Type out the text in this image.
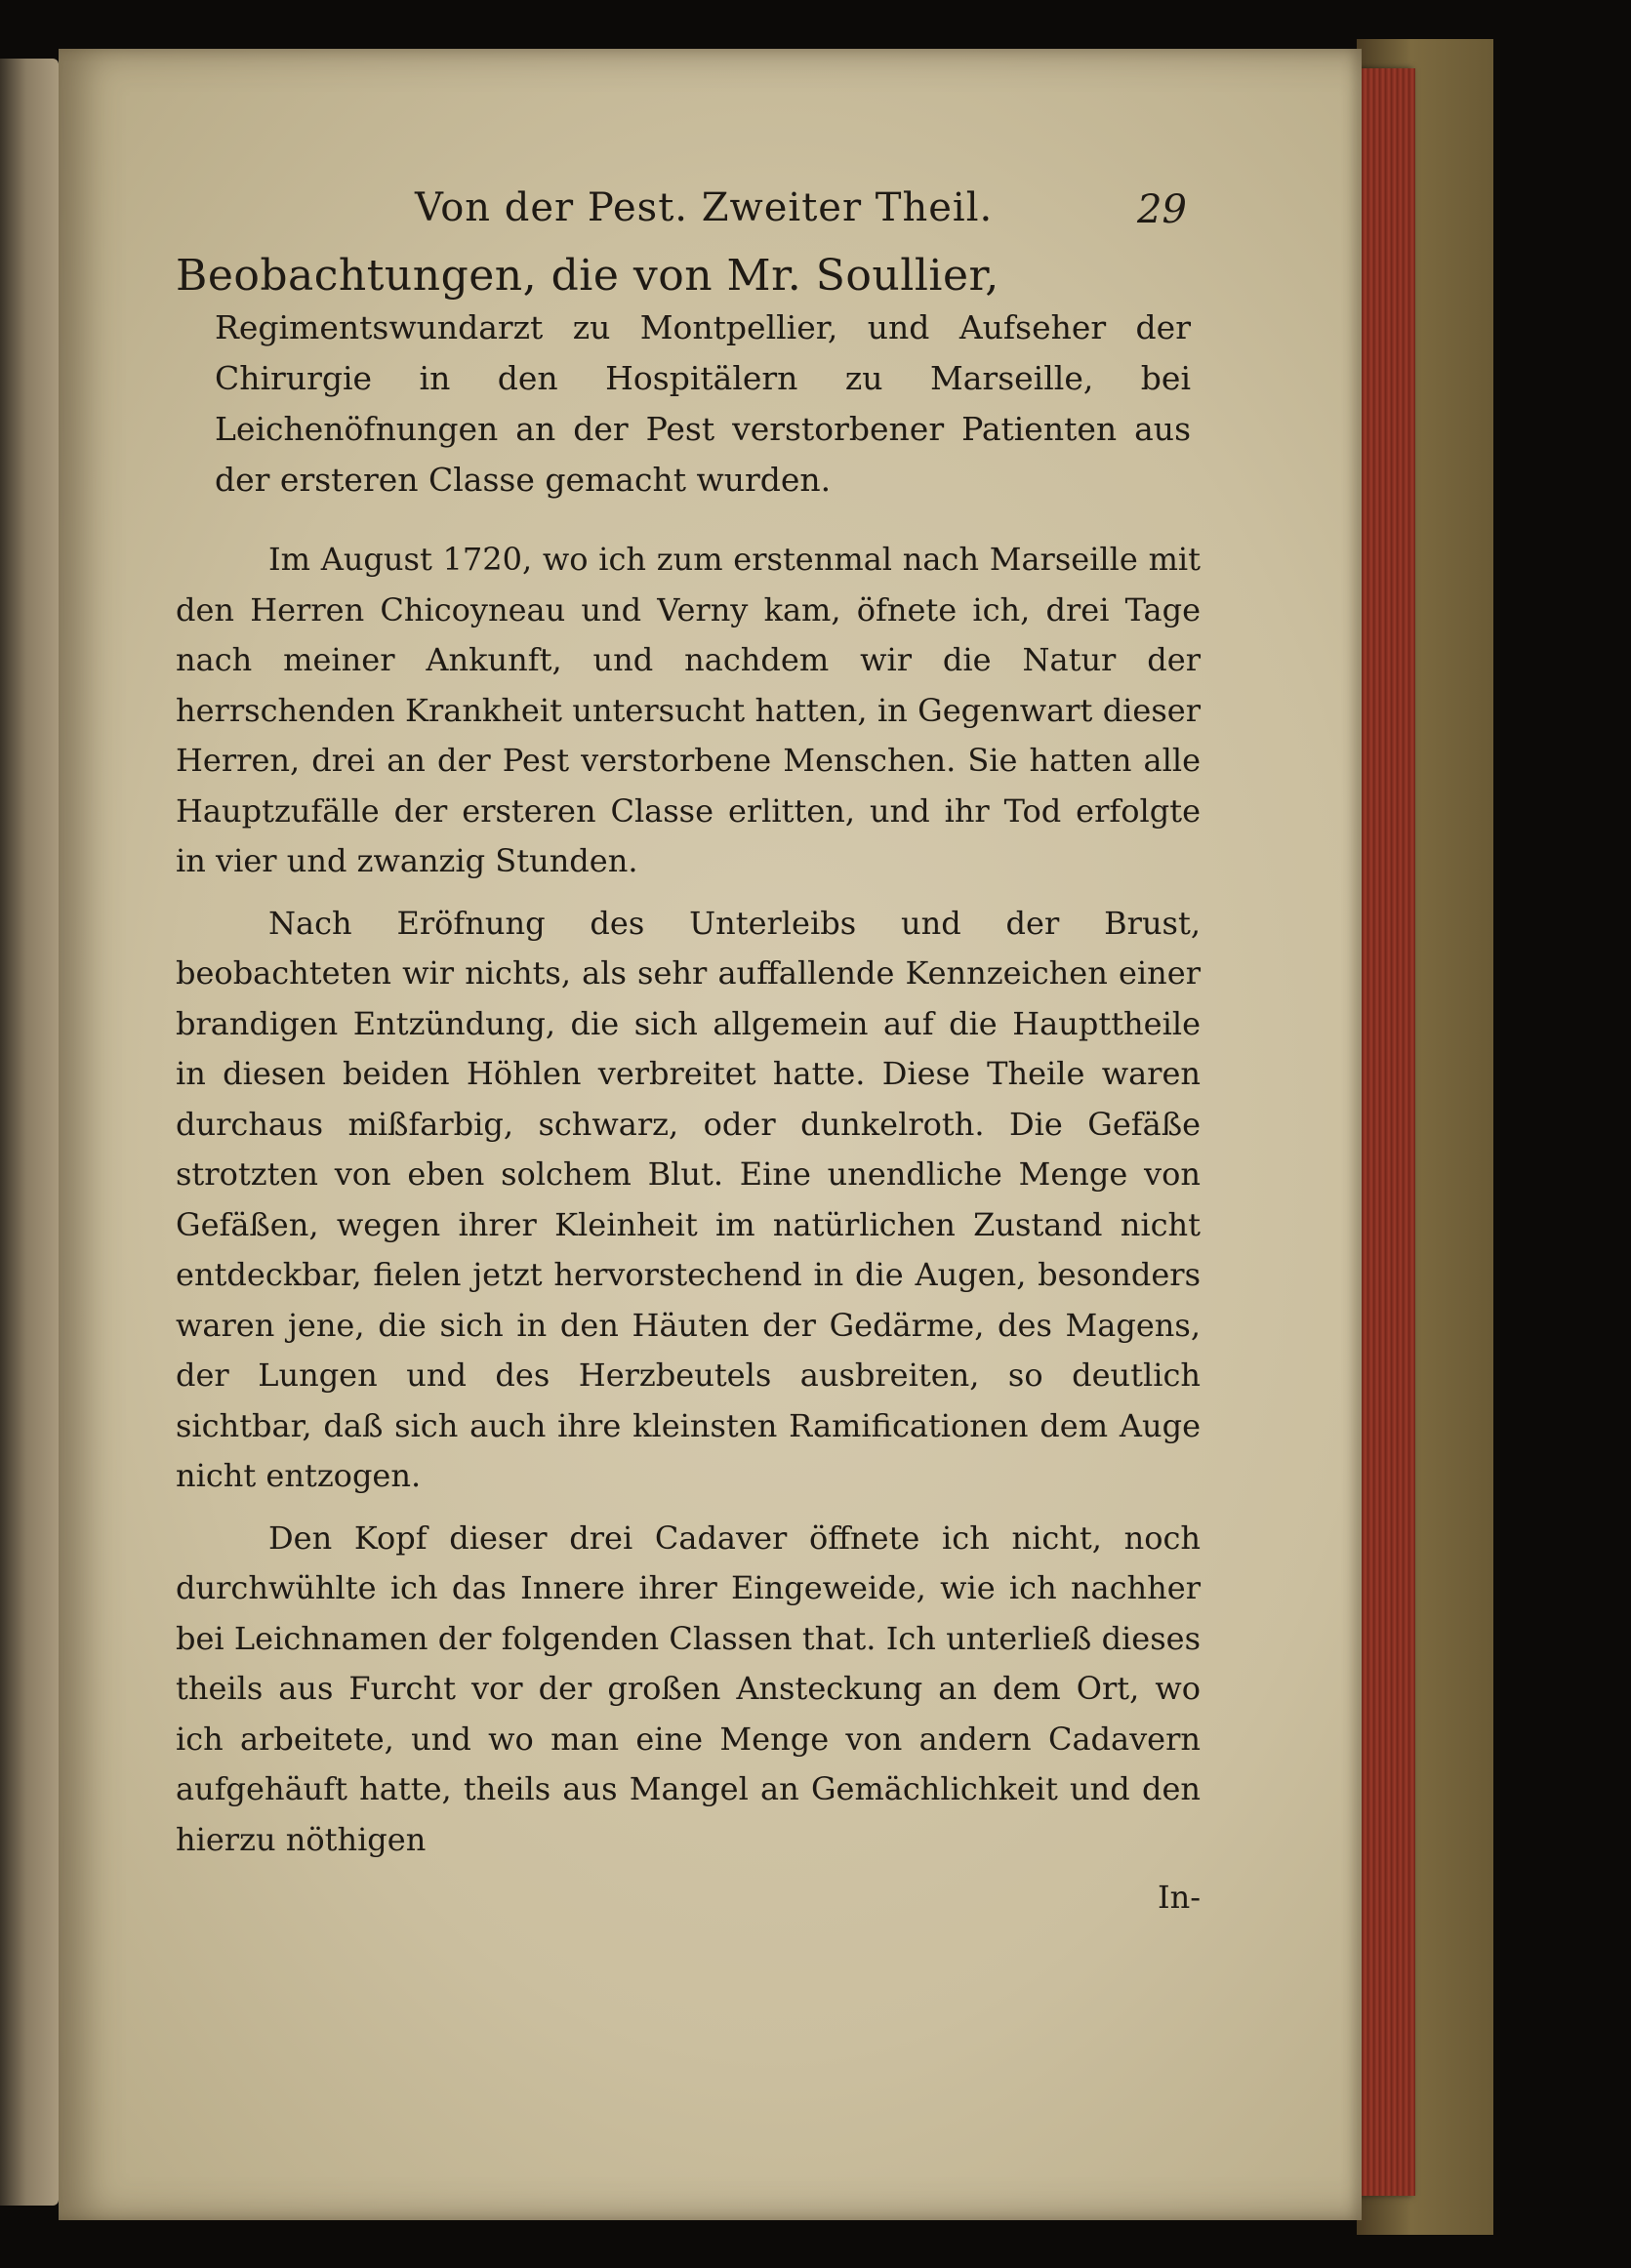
Von der Pest. Zweiter Theil.	29
Beobachtungen, die von Mr. Soullier,
Regimentswundarzt zu Montpellier, und Aufseher der Chirurgie in den Hospitälern zu Marseille, bei Leichenöfnungen an der Pest verstorbener Patienten aus der ersteren Classe gemacht wurden.

Im August 1720, wo ich zum erstenmal nach Marseille mit den Herren Chicoyneau und Verny kam, öfnete ich, drei Tage nach meiner Ankunft, und nachdem wir die Natur der herrschenden Krankheit untersucht hatten, in Gegenwart dieser Herren, drei an der Pest verstorbene Menschen. Sie hatten alle Hauptzufälle der ersteren Classe erlitten, und ihr Tod erfolgte in vier und zwanzig Stunden.

Nach Eröfnung des Unterleibs und der Brust, beobachteten wir nichts, als sehr auffallende Kennzeichen einer brandigen Entzündung, die sich allgemein auf die Haupttheile in diesen beiden Höhlen verbreitet hatte. Diese Theile waren durchaus mißfarbig, schwarz, oder dunkelroth. Die Gefäße strotzten von eben solchem Blut. Eine unendliche Menge von Gefäßen, wegen ihrer Kleinheit im natürlichen Zustand nicht entdeckbar, fielen jetzt hervorstechend in die Augen, besonders waren jene, die sich in den Häuten der Gedärme, des Magens, der Lungen und des Herzbeutels ausbreiten, so deutlich sichtbar, daß sich auch ihre kleinsten Ramificationen dem Auge nicht entzogen.

Den Kopf dieser drei Cadaver öffnete ich nicht, noch durchwühlte ich das Innere ihrer Eingeweide, wie ich nachher bei Leichnamen der folgenden Classen that. Ich unterließ dieses theils aus Furcht vor der großen Ansteckung an dem Ort, wo ich arbeitete, und wo man eine Menge von andern Cadavern aufgehäuft hatte, theils aus Mangel an Gemächlichkeit und den hierzu nöthigen

In-
